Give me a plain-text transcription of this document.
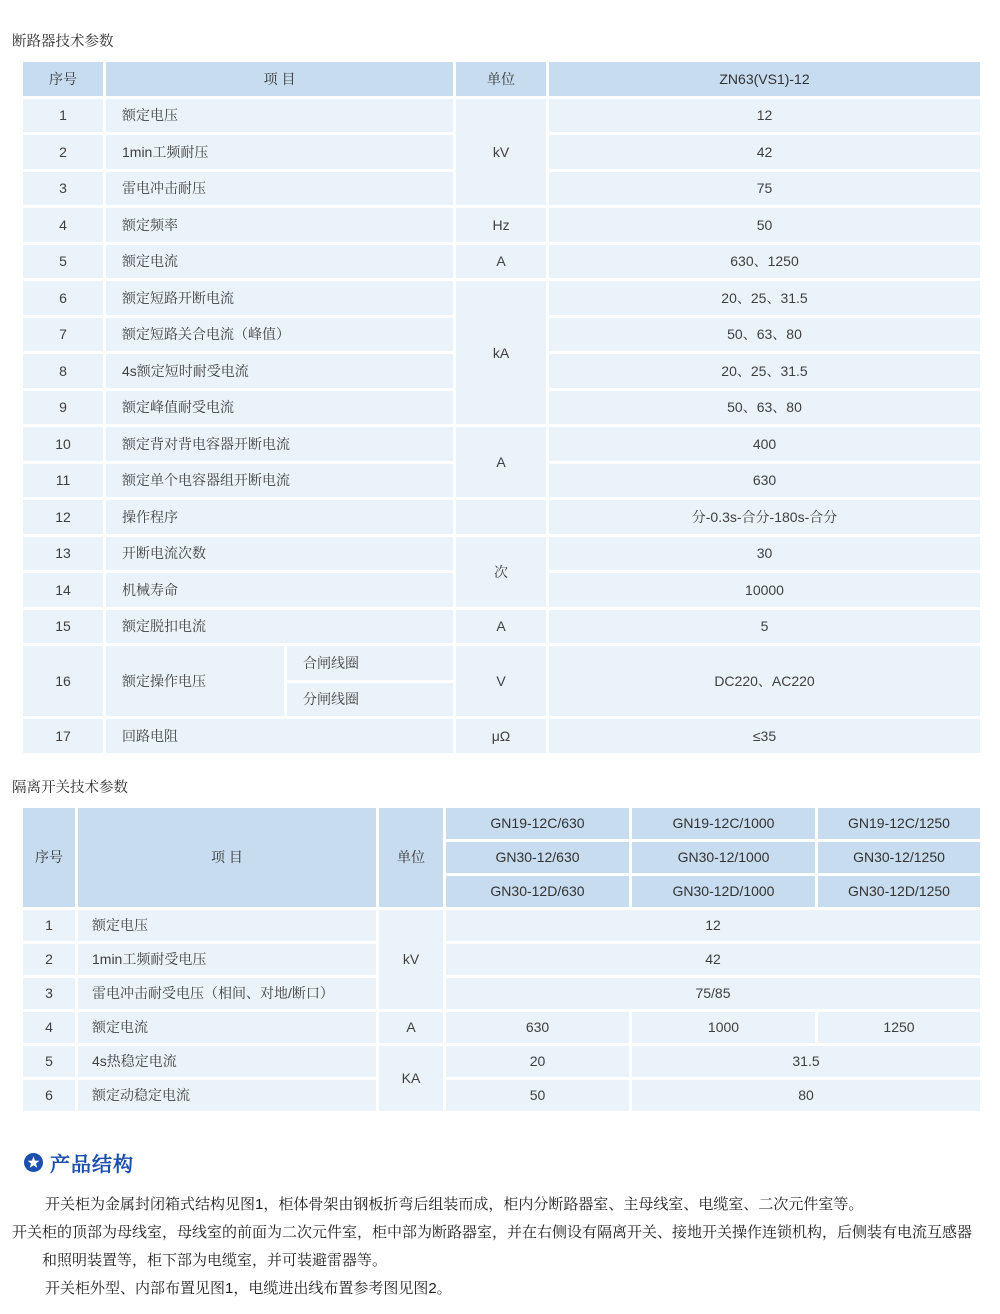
断路器技术参数

序号	项 目		单位	ZN63(VS1)-12
1	额定电压		kV	12
2	1min工频耐压			42
3	雷电冲击耐压			75
4	额定频率		Hz	50
5	额定电流		A	630、1250
6	额定短路开断电流		kA	20、25、31.5
7	额定短路关合电流（峰值）			50、63、80
8	4s额定短时耐受电流			20、25、31.5
9	额定峰值耐受电流			50、63、80
10	额定背对背电容器开断电流		A	400
11	额定单个电容器组开断电流			630
12	操作程序			分-0.3s-合分-180s-合分
13	开断电流次数		次	30
14	机械寿命			10000
15	额定脱扣电流		A	5
16	额定操作电压	合闸线圈	V	DC220、AC220
		分闸线圈		
17	回路电阻		μΩ	≤35

隔离开关技术参数

序号	项 目	单位	GN19-12C/630	GN19-12C/1000	GN19-12C/1250
			GN30-12/630	GN30-12/1000	GN30-12/1250
			GN30-12D/630	GN30-12D/1000	GN30-12D/1250
1	额定电压	kV	12		
2	1min工频耐受电压		42		
3	雷电冲击耐受电压（相间、对地/断口）		75/85		
4	额定电流	A	630	1000	1250
5	4s热稳定电流	KA	20	31.5	
6	额定动稳定电流		50	80	
产品结构

开关柜为金属封闭箱式结构见图1，柜体骨架由钢板折弯后组装而成，柜内分断路器室、主母线室、电缆室、二次元件室等。

开关柜的顶部为母线室，母线室的前面为二次元件室，柜中部为断路器室，并在右侧设有隔离开关、接地开关操作连锁机构，后侧装有电流互感器和照明装置等，柜下部为电缆室，并可装避雷器等。

开关柜外型、内部布置见图1，电缆进出线布置参考图见图2。
